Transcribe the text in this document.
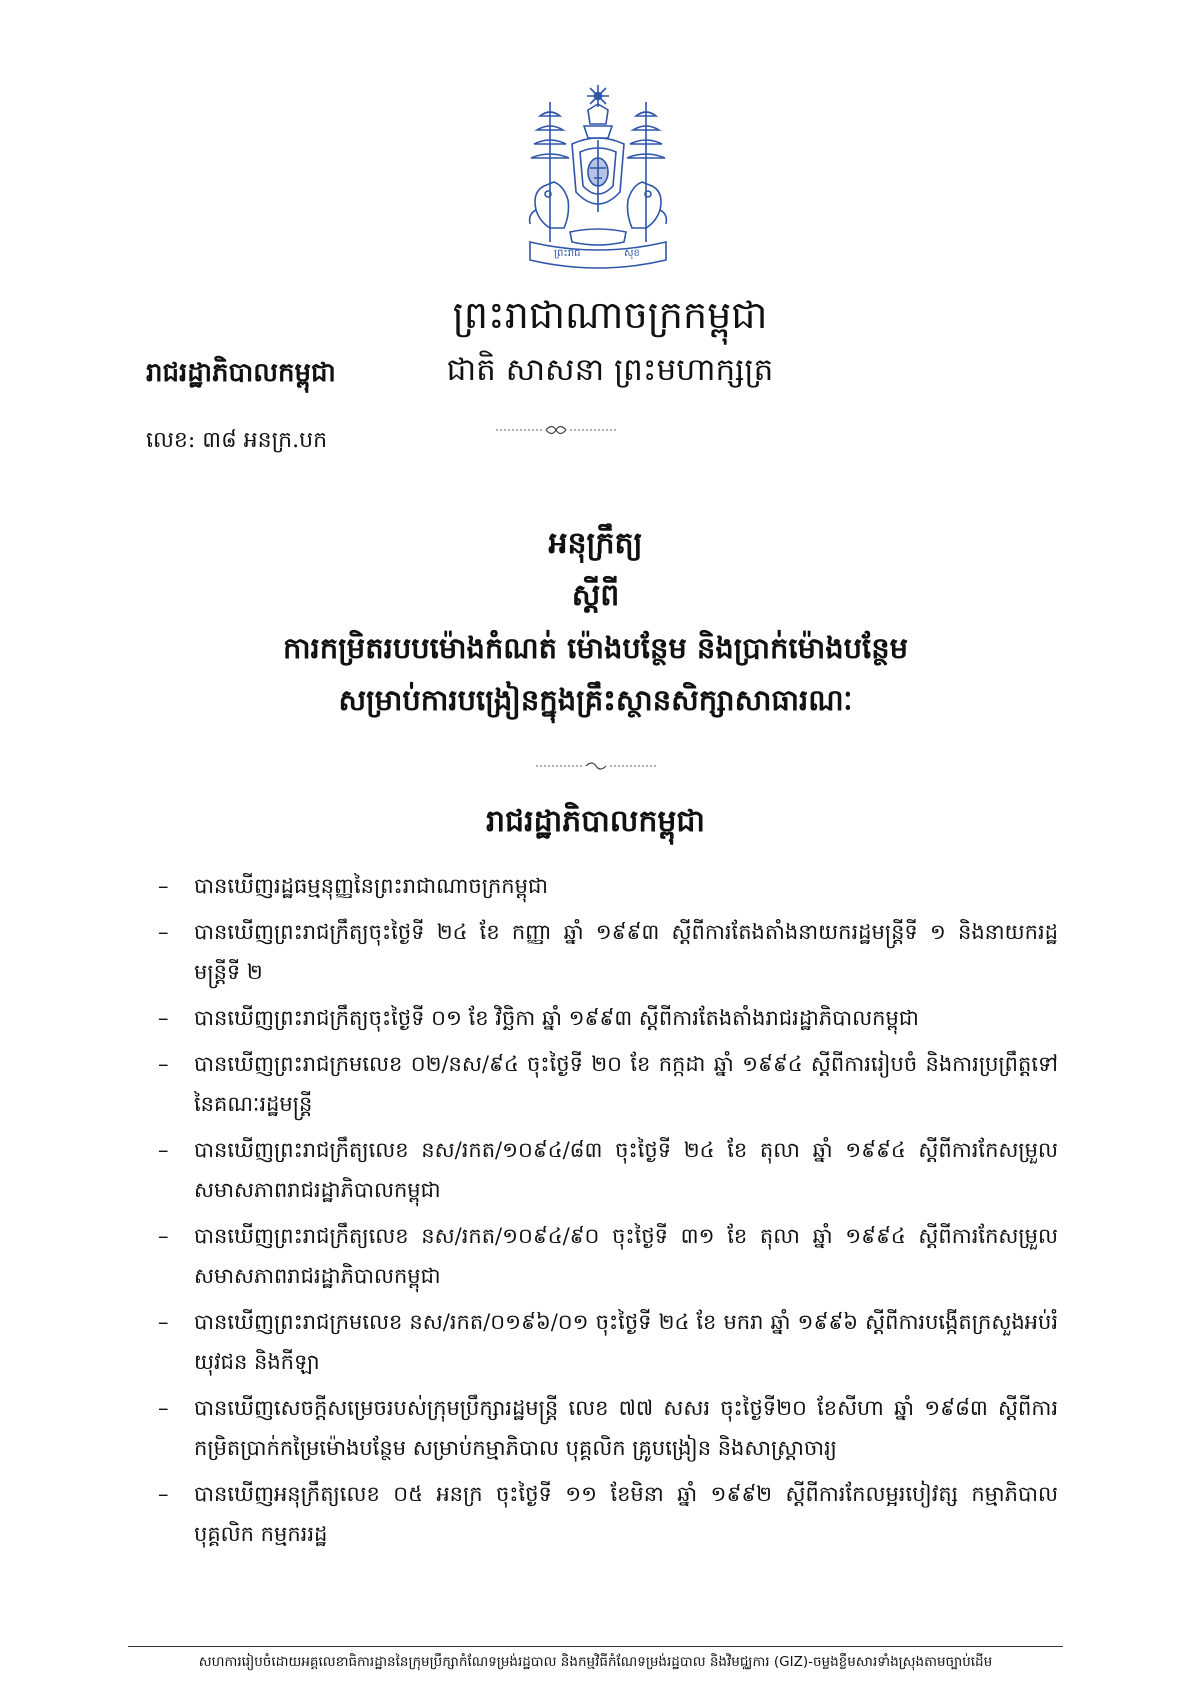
ព្រះរាជ	សុខ
ព្រះរាជាណាចក្រកម្ពុជា
ជាតិ សាសនា ព្រះមហាក្សត្រ
រាជរដ្ឋាភិបាលកម្ពុជា
លេខ: ៣៨ អនក្រ.បក
អនុក្រឹត្យ
ស្តីពី
ការកម្រិតរបបម៉ោងកំណត់ ម៉ោងបន្ថែម និងប្រាក់ម៉ោងបន្ថែម
សម្រាប់ការបង្រៀនក្នុងគ្រឹះស្ថានសិក្សាសាធារណៈ
រាជរដ្ឋាភិបាលកម្ពុជា
– បានឃើញរដ្ឋធម្មនុញ្ញនៃព្រះរាជាណាចក្រកម្ពុជា
– បានឃើញព្រះរាជក្រឹត្យចុះថ្ងៃទី ២៤ ខែ កញ្ញា ឆ្នាំ ១៩៩៣ ស្តីពីការតែងតាំងនាយករដ្ឋមន្ត្រីទី ១ និងនាយករដ្ឋមន្ត្រីទី ២
– បានឃើញព្រះរាជក្រឹត្យចុះថ្ងៃទី ០១ ខែ វិច្ឆិកា ឆ្នាំ ១៩៩៣ ស្តីពីការតែងតាំងរាជរដ្ឋាភិបាលកម្ពុជា
– បានឃើញព្រះរាជក្រមលេខ ០២/នស/៩៤ ចុះថ្ងៃទី ២០ ខែ កក្កដា ឆ្នាំ ១៩៩៤ ស្តីពីការរៀបចំ និងការប្រព្រឹត្តទៅនៃគណៈរដ្ឋមន្ត្រី
– បានឃើញព្រះរាជក្រឹត្យលេខ នស/រកត/១០៩៤/៨៣ ចុះថ្ងៃទី ២៤ ខែ តុលា ឆ្នាំ ១៩៩៤ ស្តីពីការកែសម្រួលសមាសភាពរាជរដ្ឋាភិបាលកម្ពុជា
– បានឃើញព្រះរាជក្រឹត្យលេខ នស/រកត/១០៩៤/៩០ ចុះថ្ងៃទី ៣១ ខែ តុលា ឆ្នាំ ១៩៩៤ ស្តីពីការកែសម្រួលសមាសភាពរាជរដ្ឋាភិបាលកម្ពុជា
– បានឃើញព្រះរាជក្រមលេខ នស/រកត/០១៩៦/០១ ចុះថ្ងៃទី ២៤ ខែ មករា ឆ្នាំ ១៩៩៦ ស្តីពីការបង្កើតក្រសួងអប់រំ យុវជន និងកីឡា
– បានឃើញសេចក្តីសម្រេចរបស់ក្រុមប្រឹក្សារដ្ឋមន្ត្រី លេខ ៧៧ សសរ ចុះថ្ងៃទី២០ ខែសីហា ឆ្នាំ ១៩៨៣ ស្តីពីការកម្រិតប្រាក់កម្រៃម៉ោងបន្ថែម សម្រាប់កម្មាភិបាល បុគ្គលិក គ្រូបង្រៀន និងសាស្ត្រាចារ្យ
– បានឃើញអនុក្រឹត្យលេខ ០៥ អនក្រ ចុះថ្ងៃទី ១១ ខែមិនា ឆ្នាំ ១៩៩២ ស្តីពីការកែលម្អរបៀវត្ស កម្មាភិបាល បុគ្គលិក កម្មករ​រដ្ឋ
សហការរៀបចំដោយអគ្គលេខាធិការដ្ឋាននៃក្រុមប្រឹក្សាកំណែទម្រង់រដ្ឋបាល និងកម្មវិធីកំណែទម្រង់រដ្ឋបាល និងវិមជ្ឈការ (GIZ)-ចម្លងខ្លឹមសារទាំងស្រុងតាមច្បាប់ដើម
